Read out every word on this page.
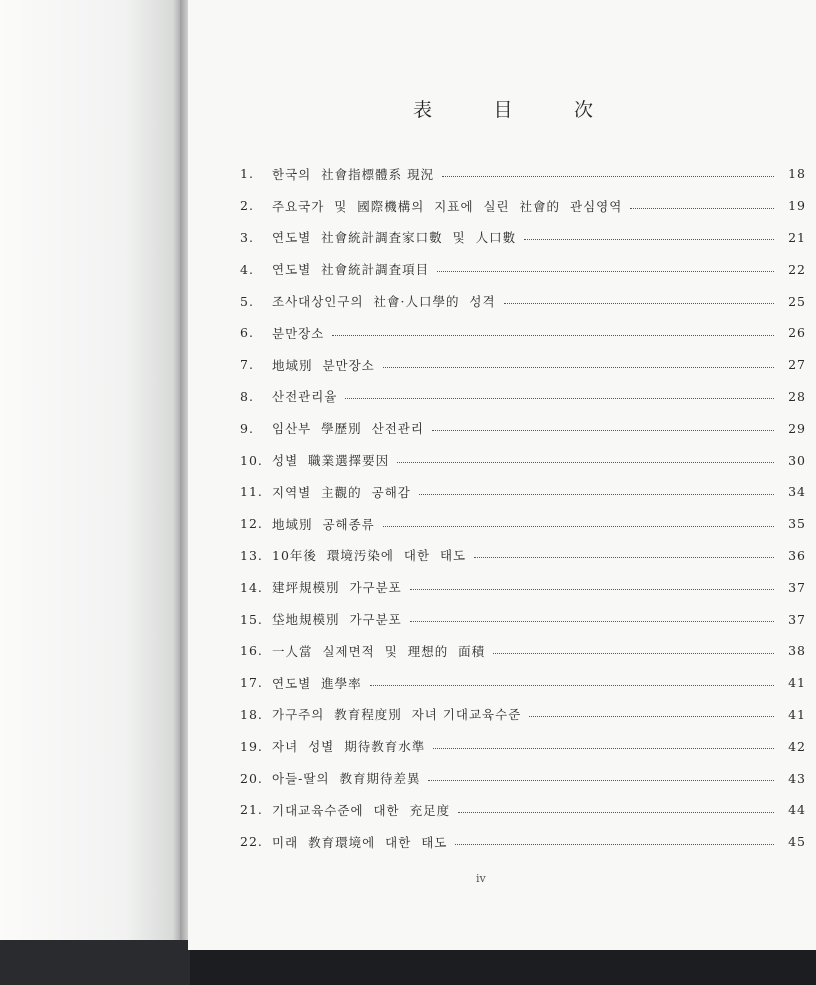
表	目	次
1.	한국의  社會指標體系 現況	18
2.	주요국가  및  國際機構의  지표에  실린  社會的  관심영역	19
3.	연도별  社會統計調査家口數  및  人口數	21
4.	연도별  社會統計調査項目	22
5.	조사대상인구의  社會·人口學的  성격	25
6.	분만장소	26
7.	地域別  분만장소	27
8.	산전관리율	28
9.	임산부  學歷別  산전관리	29
10. 성별  職業選擇要因	30
11. 지역별  主觀的  공해감	34
12. 地域別  공해종류	35
13. 10年後  環境汚染에  대한  태도	36
14. 建坪規模別  가구분포	37
15. 垈地規模別  가구분포	37
16. 一人當  실제면적  및  理想的  面積	38
17. 연도별  進學率	41
18. 가구주의  教育程度別  자녀 기대교육수준	41
19. 자녀  성별  期待教育水準	42
20. 아들-딸의  教育期待差異	43
21. 기대교육수준에  대한  充足度	44
22. 미래  教育環境에  대한  태도	45
iv
